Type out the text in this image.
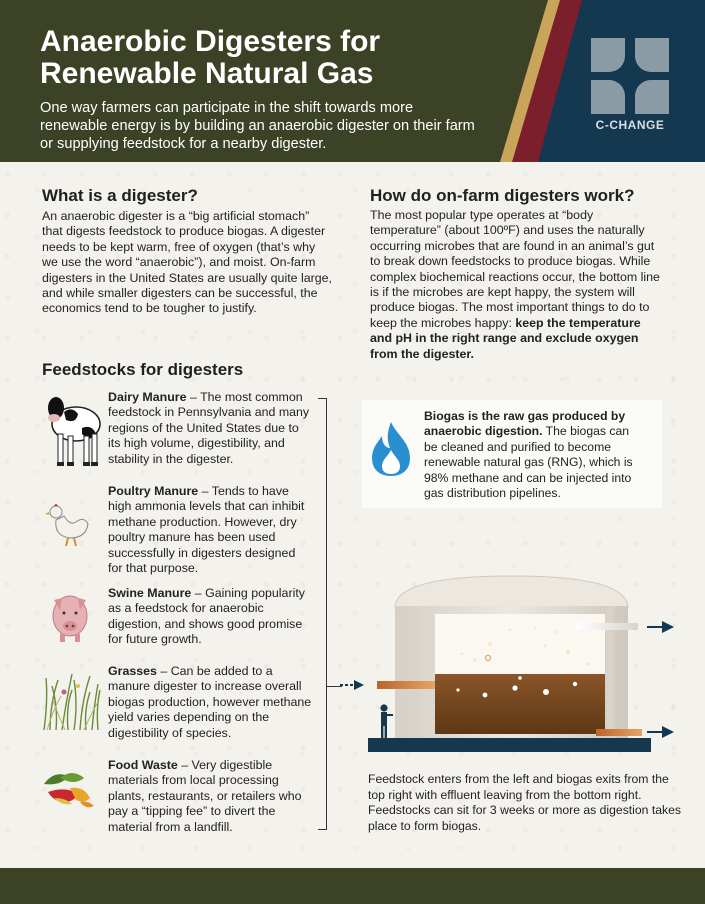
Anaerobic Digesters for Renewable Natural Gas

One way farmers can participate in the shift towards more renewable energy is by building an anaerobic digester on their farm or supplying feedstock for a nearby digester.

C-CHANGE
What is a digester?

An anaerobic digester is a “big artificial stomach” that digests feedstock to produce biogas. A digester needs to be kept warm, free of oxygen (that’s why we use the word “anaerobic”), and moist. On-farm digesters in the United States are usually quite large, and while smaller digesters can be successful, the economics tend to be tougher to justify.

How do on-farm digesters work?

The most popular type operates at “body temperature” (about 100ºF) and uses the naturally occurring microbes that are found in an animal’s gut to break down feedstocks to produce biogas. While complex biochemical reactions occur, the bottom line is if the microbes are kept happy, the system will produce biogas. The most important things to do to keep the microbes happy: keep the temperature and pH in the right range and exclude oxygen from the digester.

Feedstocks for digesters

Dairy Manure – The most common feedstock in Pennsylvania and many regions of the United States due to its high volume, digestibility, and stability in the digester.

Poultry Manure – Tends to have high ammonia levels that can inhibit methane production. However, dry poultry manure has been used successfully in digesters designed for that purpose.

Swine Manure – Gaining popularity as a feedstock for anaerobic digestion, and shows good promise for future growth.

Grasses – Can be added to a manure digester to increase overall biogas production, however methane yield varies depending on the digestibility of species.

Food Waste – Very digestible materials from local processing plants, restaurants, or retailers who pay a “tipping fee” to divert the material from a landfill.

Biogas is the raw gas produced by anaerobic digestion. The biogas can be cleaned and purified to become renewable natural gas (RNG), which is 98% methane and can be injected into gas distribution pipelines.

Feedstock enters from the left and biogas exits from the top right with effluent leaving from the bottom right. Feedstocks can sit for 3 weeks or more as digestion takes place to form biogas.
